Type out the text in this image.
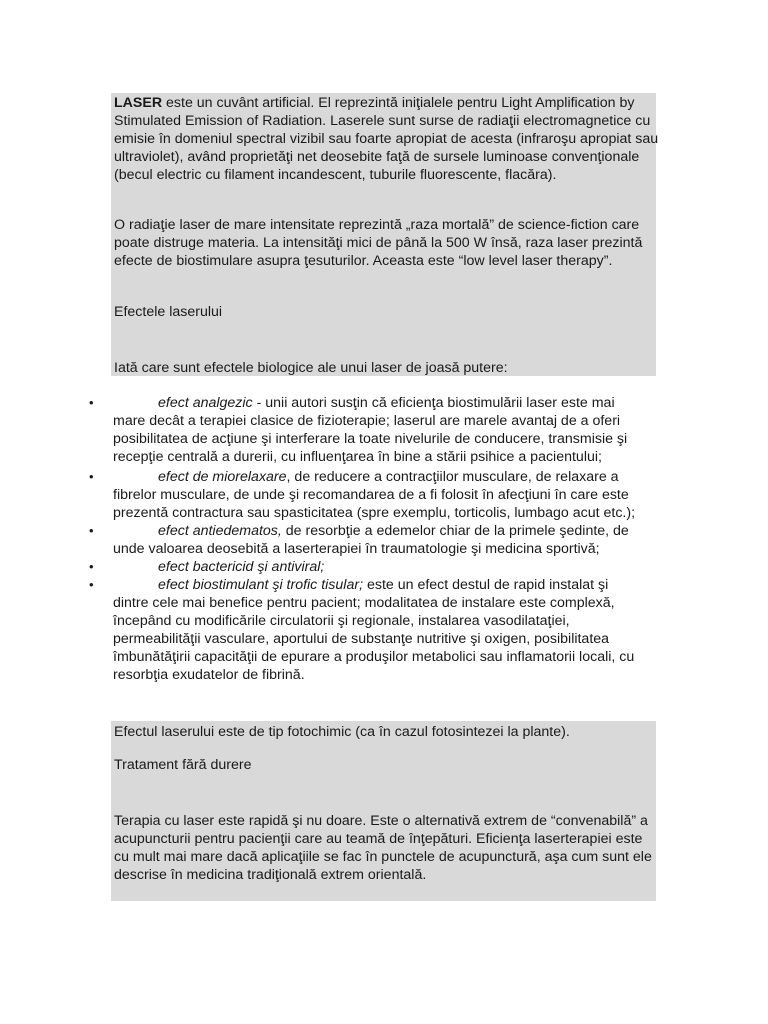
LASER este un cuvânt artificial. El reprezintă iniţialele pentru Light Amplification by Stimulated Emission of Radiation. Laserele sunt surse de radiaţii electromagnetice cu emisie în domeniul spectral vizibil sau foarte apropiat de acesta (infraroşu apropiat sau ultraviolet), având proprietăţi net deosebite faţă de sursele luminoase convenţionale (becul electric cu filament incandescent, tuburile fluorescente, flacăra).

O radiaţie laser de mare intensitate reprezintă „raza mortală” de science-fiction care poate distruge materia. La intensităţi mici de până la 500 W însă, raza laser prezintă efecte de biostimulare asupra ţesuturilor. Aceasta este “low level laser therapy”.

Efectele laserului

Iată care sunt efectele biologice ale unui laser de joasă putere:

•	efect analgezic - unii autori susţin că eficienţa biostimulării laser este mai mare decât a terapiei clasice de fizioterapie; laserul are marele avantaj de a oferi posibilitatea de acţiune şi interferare la toate nivelurile de conducere, transmisie şi recepţie centrală a durerii, cu influenţarea în bine a stării psihice a pacientului;
•	efect de miorelaxare, de reducere a contracţiilor musculare, de relaxare a fibrelor musculare, de unde şi recomandarea de a fi folosit în afecţiuni în care este prezentă contractura sau spasticitatea (spre exemplu, torticolis, lumbago acut etc.);
•	efect antiedematos, de resorbţie a edemelor chiar de la primele şedinte, de unde valoarea deosebită a laserterapiei în traumatologie şi medicina sportivă;
•	efect bactericid şi antiviral;
•	efect biostimulant şi trofic tisular; este un efect destul de rapid instalat şi dintre cele mai benefice pentru pacient; modalitatea de instalare este complexă, începând cu modificările circulatorii şi regionale, instalarea vasodilataţiei, permeabilităţii vasculare, aportului de substanţe nutritive şi oxigen, posibilitatea îmbunătăţirii capacităţii de epurare a produşilor metabolici sau inflamatorii locali, cu resorbţia exudatelor de fibrină.

Efectul laserului este de tip fotochimic (ca în cazul fotosintezei la plante).

Tratament fără durere

Terapia cu laser este rapidă şi nu doare. Este o alternativă extrem de “convenabilă” a acupuncturii pentru pacienţii care au teamă de înţepături. Eficienţa laserterapiei este cu mult mai mare dacă aplicaţiile se fac în punctele de acupunctură, aşa cum sunt ele descrise în medicina tradiţională extrem orientală.
